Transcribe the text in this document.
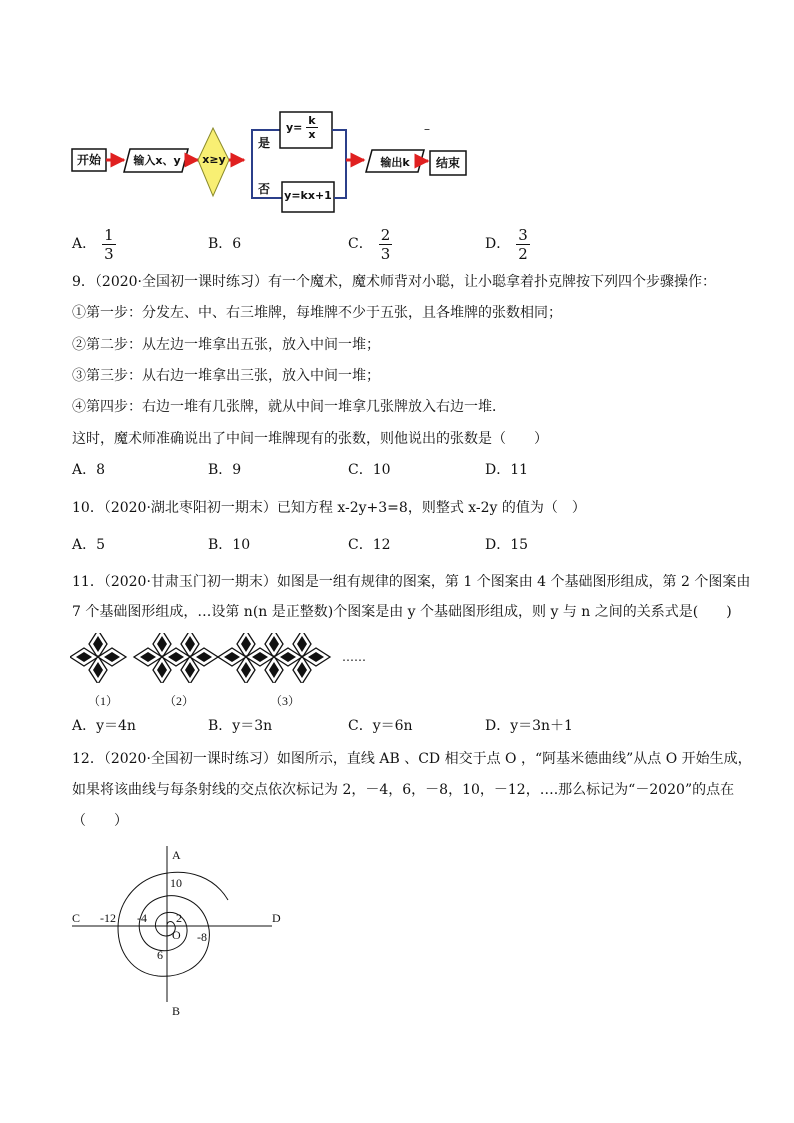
开始	输入x、y	x≥y
是
否
$y= \frac{k}{x}$
y=kx+1
输出k	结束
–
A． $\frac{1}{3}$	B．6	C． $\frac{2}{3}$	D． $\frac{3}{2}$
9．（2020·全国初一课时练习）有一个魔术，魔术师背对小聪，让小聪拿着扑克牌按下列四个步骤操作：
①第一步：分发左、中、右三堆牌，每堆牌不少于五张，且各堆牌的张数相同；
②第二步：从左边一堆拿出五张，放入中间一堆；
③第三步：从右边一堆拿出三张，放入中间一堆；
④第四步：右边一堆有几张牌，就从中间一堆拿几张牌放入右边一堆．
这时，魔术师准确说出了中间一堆牌现有的张数，则他说出的张数是（　　）
A．8	B．9	C．10	D．11
10．（2020·湖北枣阳初一期末）已知方程 x-2y+3=8，则整式 x-2y 的值为（　）
A．5	B．10	C．12	D．15
11．（2020·甘肃玉门初一期末）如图是一组有规律的图案，第 1 个图案由 4 个基础图形组成，第 2 个图案由
7 个基础图形组成，…设第 n(n 是正整数)个图案是由 y 个基础图形组成，则 y 与 n 之间的关系式是(　　)
……
（1）	（2）	（3）
A．y＝4n	B．y＝3n	C．y＝6n	D．y＝3n＋1
12．（2020·全国初一课时练习）如图所示，直线 AB 、CD 相交于点 O ，“阿基米德曲线”从点 O 开始生成，
如果将该曲线与每条射线的交点依次标记为 2，－4，6，－8，10，－12，….那么标记为“－2020”的点在
（　　）
A
B
C	D
O
10
-12 -4 2
-8
6
